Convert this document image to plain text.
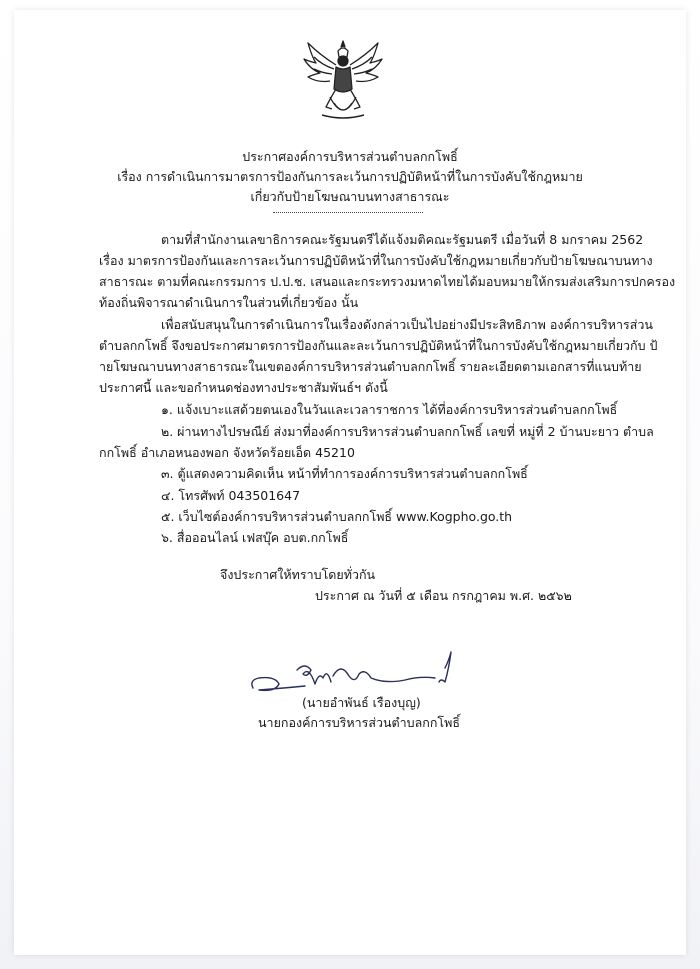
ประกาศองค์การบริหารส่วนตำบลกกโพธิ์
เรื่อง การดำเนินการมาตรการป้องกันการละเว้นการปฏิบัติหน้าที่ในการบังคับใช้กฎหมาย
เกี่ยวกับป้ายโฆษณาบนทางสาธารณะ
ตามที่สำนักงานเลขาธิการคณะรัฐมนตรีได้แจ้งมติคณะรัฐมนตรี เมื่อวันที่ 8 มกราคม 2562
เรื่อง มาตรการป้องกันและการละเว้นการปฏิบัติหน้าที่ในการบังคับใช้กฎหมายเกี่ยวกับป้ายโฆษณาบนทาง
สาธารณะ ตามที่คณะกรรมการ ป.ป.ช. เสนอและกระทรวงมหาดไทยได้มอบหมายให้กรมส่งเสริมการปกครอง
ท้องถิ่นพิจารณาดำเนินการในส่วนที่เกี่ยวข้อง นั้น
เพื่อสนับสนุนในการดำเนินการในเรื่องดังกล่าวเป็นไปอย่างมีประสิทธิภาพ องค์การบริหารส่วน
ตำบลกกโพธิ์ จึงขอประกาศมาตรการป้องกันและละเว้นการปฏิบัติหน้าที่ในการบังคับใช้กฎหมายเกี่ยวกับ ป้
ายโฆษณาบนทางสาธารณะในเขตองค์การบริหารส่วนตำบลกกโพธิ์ รายละเอียดตามเอกสารที่แนบท้าย
ประกาศนี้ และขอกำหนดช่องทางประชาสัมพันธ์ฯ ดังนี้
๑. แจ้งเบาะแสด้วยตนเองในวันและเวลาราชการ ได้ที่องค์การบริหารส่วนตำบลกกโพธิ์
๒. ผ่านทางไปรษณีย์ ส่งมาที่องค์การบริหารส่วนตำบลกกโพธิ์ เลขที่ หมู่ที่ 2 บ้านบะยาว ตำบล
กกโพธิ์ อำเภอหนองพอก จังหวัดร้อยเอ็ด 45210
๓. ตู้แสดงความคิดเห็น หน้าที่ทำการองค์การบริหารส่วนตำบลกกโพธิ์
๔. โทรศัพท์ 043501647
๕. เว็บไซต์องค์การบริหารส่วนตำบลกกโพธิ์ www.Kogpho.go.th
๖. สื่อออนไลน์ เฟสบุ๊ค อบต.กกโพธิ์
จึงประกาศให้ทราบโดยทั่วกัน
ประกาศ ณ วันที่ ๕ เดือน กรกฎาคม พ.ศ. ๒๕๖๒
(นายอำพันธ์ เรืองบุญ)
นายกองค์การบริหารส่วนตำบลกกโพธิ์
